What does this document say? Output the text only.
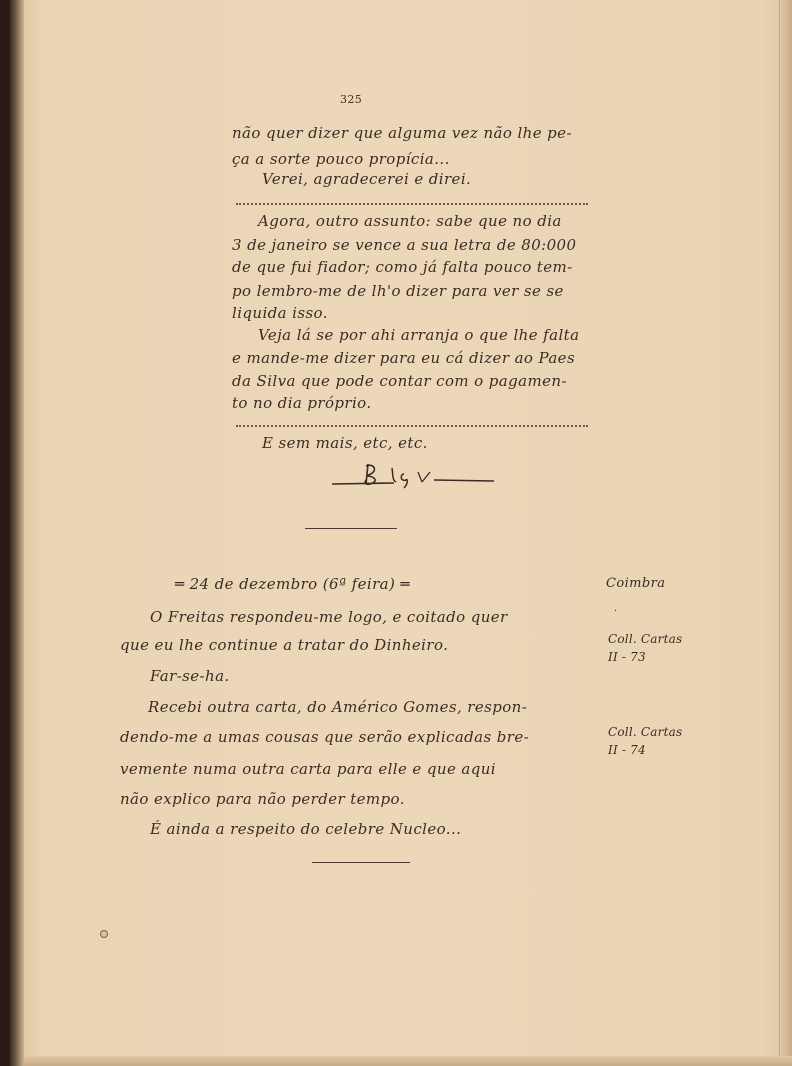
325
não quer dizer que alguma vez não lhe pe-
ça a sorte pouco propícia...
Verei, agradecerei e direi.
Agora, outro assunto: sabe que no dia
3 de janeiro se vence a sua letra de 80:000
de que fui fiador; como já falta pouco tem-
po lembro-me de lh'o dizer para ver se se
liquida isso.
Veja lá se por ahi arranja o que lhe falta
e mande-me dizer para eu cá dizer ao Paes
da Silva que pode contar com o pagamen-
to no dia próprio.
E sem mais, etc, etc.
═ 24 de dezembro (6ª feira) ═
O Freitas respondeu-me logo, e coitado quer
que eu lhe continue a tratar do Dinheiro.
Far-se-ha.
Recebi outra carta, do Américo Gomes, respon-
dendo-me a umas cousas que serão explicadas bre-
vemente numa outra carta para elle e que aqui
não explico para não perder tempo.
É ainda a respeito do celebre Nucleo...
Coimbra
·
Coll. Cartas
II - 73
Coll. Cartas
II - 74
